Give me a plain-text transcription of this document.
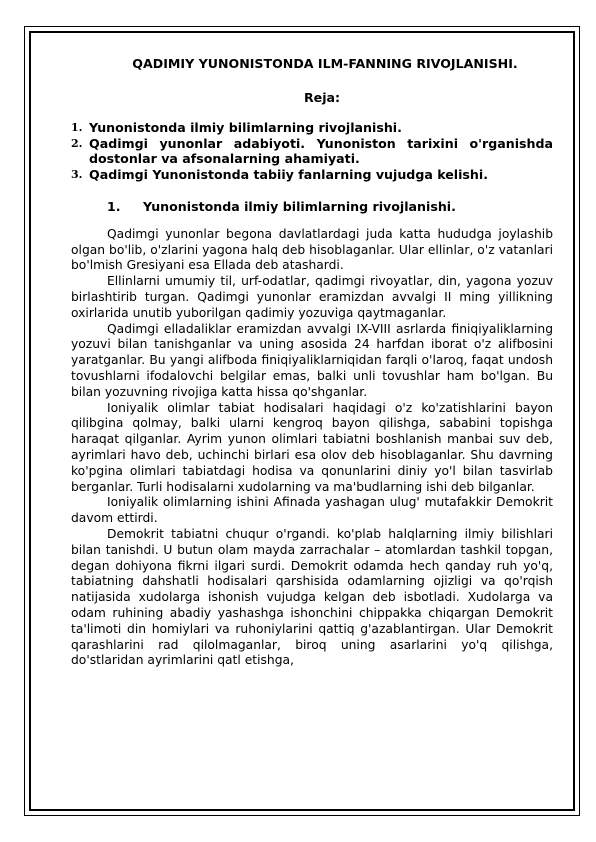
QADIMIY YUNONISTONDA ILM-FANNING RIVOJLANISHI.
Reja:
1. Yunonistonda ilmiy bilimlarning rivojlanishi.
2. Qadimgi yunonlar adabiyoti. Yunoniston tarixini o'rganishda dostonlar va afsonalarning ahamiyati.
3. Qadimgi Yunonistonda tabiiy fanlarning vujudga kelishi.
1. Yunonistonda ilmiy bilimlarning rivojlanishi.

Qadimgi yunonlar begona davlatlardagi juda katta hududga joylashib olgan bo'lib, o'zlarini yagona halq deb hisoblaganlar. Ular ellinlar, o'z vatanlari bo'lmish Gresiyani esa Ellada deb atashardi.

Ellinlarni umumiy til, urf-odatlar, qadimgi rivoyatlar, din, yagona yozuv birlashtirib turgan. Qadimgi yunonlar eramizdan avvalgi II ming yillikning oxirlarida unutib yuborilgan qadimiy yozuviga qaytmaganlar.

Qadimgi elladaliklar eramizdan avvalgi IX-VIII asrlarda finiqiyaliklarning yozuvi bilan tanishganlar va uning asosida 24 harfdan iborat o'z alifbosini yaratganlar. Bu yangi alifboda finiqiyaliklarniqidan farqli o'laroq, faqat undosh tovushlarni ifodalovchi belgilar emas, balki unli tovushlar ham bo'lgan. Bu bilan yozuvning rivojiga katta hissa qo'shganlar.

Ioniyalik olimlar tabiat hodisalari haqidagi o'z ko'zatishlarini bayon qilibgina qolmay, balki ularni kengroq bayon qilishga, sababini topishga haraqat qilganlar. Ayrim yunon olimlari tabiatni boshlanish manbai suv deb, ayrimlari havo deb, uchinchi birlari esa olov deb hisoblaganlar. Shu davrning ko'pgina olimlari tabiatdagi hodisa va qonunlarini diniy yo'l bilan tasvirlab berganlar. Turli hodisalarni xudolarning va ma'budlarning ishi deb bilganlar.

Ioniyalik olimlarning ishini Afinada yashagan ulug' mutafakkir Demokrit davom ettirdi.

Demokrit tabiatni chuqur o'rgandi. ko'plab halqlarning ilmiy bilishlari bilan tanishdi. U butun olam mayda zarrachalar – atomlardan tashkil topgan, degan dohiyona fikrni ilgari surdi. Demokrit odamda hech qanday ruh yo'q, tabiatning dahshatli hodisalari qarshisida odamlarning ojizligi va qo'rqish natijasida xudolarga ishonish vujudga kelgan deb isbotladi. Xudolarga va odam ruhining abadiy yashashga ishonchini chippakka chiqargan Demokrit ta'limoti din homiylari va ruhoniylarini qattiq g'azablantirgan. Ular Demokrit qarashlarini rad qilolmaganlar, biroq uning asarlarini yo'q qilishga, do'stlaridan ayrimlarini qatl etishga,
